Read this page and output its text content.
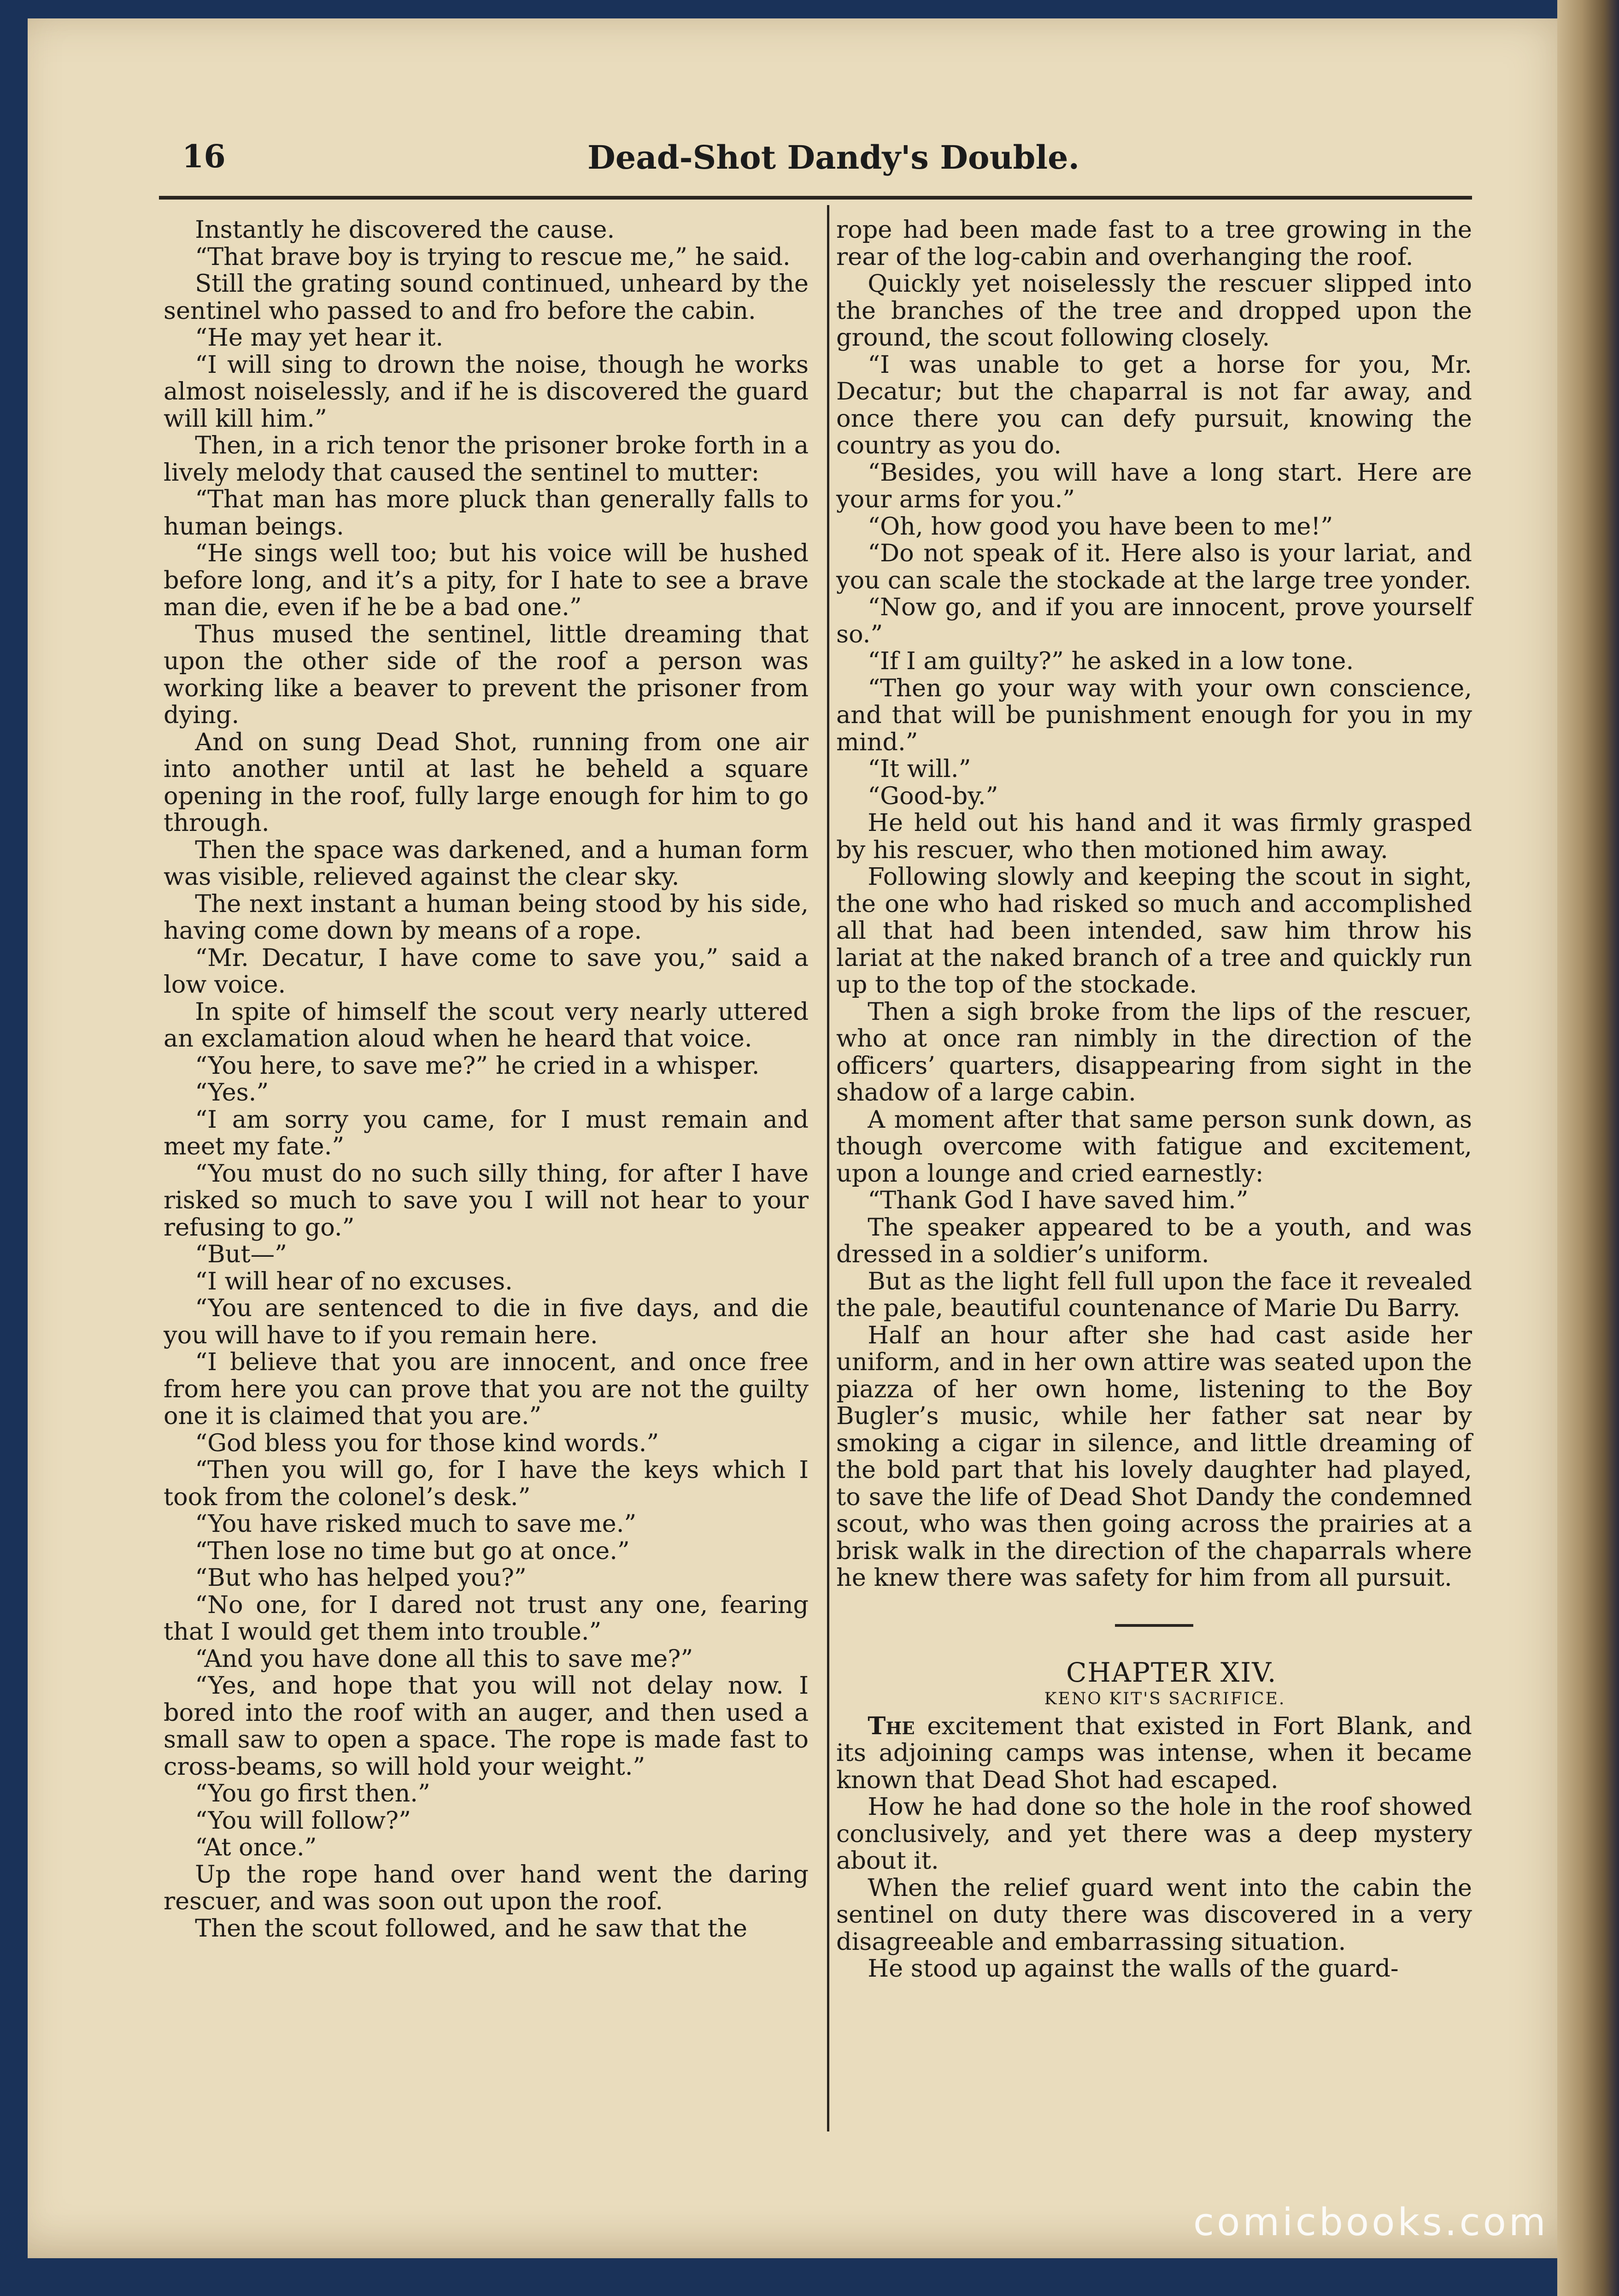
16	Dead-Shot Dandy's Double.

Instantly he discovered the cause.

“That brave boy is trying to rescue me,” he said.

Still the grating sound continued, unheard by the sentinel who passed to and fro before the cabin.

“He may yet hear it.

“I will sing to drown the noise, though he works almost noiselessly, and if he is discovered the guard will kill him.”

Then, in a rich tenor the prisoner broke forth in a lively melody that caused the sentinel to mutter:

“That man has more pluck than generally falls to human beings.

“He sings well too; but his voice will be hushed before long, and it’s a pity, for I hate to see a brave man die, even if he be a bad one.”

Thus mused the sentinel, little dreaming that upon the other side of the roof a person was working like a beaver to prevent the prisoner from dying.

And on sung Dead Shot, running from one air into another until at last he beheld a square opening in the roof, fully large enough for him to go through.

Then the space was darkened, and a human form was visible, relieved against the clear sky.

The next instant a human being stood by his side, having come down by means of a rope.

“Mr. Decatur, I have come to save you,” said a low voice.

In spite of himself the scout very nearly uttered an exclamation aloud when he heard that voice.

“You here, to save me?” he cried in a whisper.

“Yes.”

“I am sorry you came, for I must remain and meet my fate.”

“You must do no such silly thing, for after I have risked so much to save you I will not hear to your refusing to go.”

“But—”

“I will hear of no excuses.

“You are sentenced to die in five days, and die you will have to if you remain here.

“I believe that you are innocent, and once free from here you can prove that you are not the guilty one it is claimed that you are.”

“God bless you for those kind words.”

“Then you will go, for I have the keys which I took from the colonel’s desk.”

“You have risked much to save me.”

“Then lose no time but go at once.”

“But who has helped you?”

“No one, for I dared not trust any one, fearing that I would get them into trouble.”

“And you have done all this to save me?”

“Yes, and hope that you will not delay now. I bored into the roof with an auger, and then used a small saw to open a space. The rope is made fast to cross-beams, so will hold your weight.”

“You go first then.”

“You will follow?”

“At once.”

Up the rope hand over hand went the daring rescuer, and was soon out upon the roof.

Then the scout followed, and he saw that the

rope had been made fast to a tree growing in the rear of the log-cabin and overhanging the roof.

Quickly yet noiselessly the rescuer slipped into the branches of the tree and dropped upon the ground, the scout following closely.

“I was unable to get a horse for you, Mr. Decatur; but the chaparral is not far away, and once there you can defy pursuit, knowing the country as you do.

“Besides, you will have a long start. Here are your arms for you.”

“Oh, how good you have been to me!”

“Do not speak of it. Here also is your lariat, and you can scale the stockade at the large tree yonder.

“Now go, and if you are innocent, prove yourself so.”

“If I am guilty?” he asked in a low tone.

“Then go your way with your own conscience, and that will be punishment enough for you in my mind.”

“It will.”

“Good-by.”

He held out his hand and it was firmly grasped by his rescuer, who then motioned him away.

Following slowly and keeping the scout in sight, the one who had risked so much and accomplished all that had been intended, saw him throw his lariat at the naked branch of a tree and quickly run up to the top of the stockade.

Then a sigh broke from the lips of the rescuer, who at once ran nimbly in the direction of the officers’ quarters, disappearing from sight in the shadow of a large cabin.

A moment after that same person sunk down, as though overcome with fatigue and excitement, upon a lounge and cried earnestly:

“Thank God I have saved him.”

The speaker appeared to be a youth, and was dressed in a soldier’s uniform.

But as the light fell full upon the face it revealed the pale, beautiful countenance of Marie Du Barry.

Half an hour after she had cast aside her uniform, and in her own attire was seated upon the piazza of her own home, listening to the Boy Bugler’s music, while her father sat near by smoking a cigar in silence, and little dreaming of the bold part that his lovely daughter had played, to save the life of Dead Shot Dandy the condemned scout, who was then going across the prairies at a brisk walk in the direction of the chaparrals where he knew there was safety for him from all pursuit.

CHAPTER XIV.

KENO KIT'S SACRIFICE.

The excitement that existed in Fort Blank, and its adjoining camps was intense, when it became known that Dead Shot had escaped.

How he had done so the hole in the roof showed conclusively, and yet there was a deep mystery about it.

When the relief guard went into the cabin the sentinel on duty there was discovered in a very disagreeable and embarrassing situation.

He stood up against the walls of the guard-

comicbooks.com
